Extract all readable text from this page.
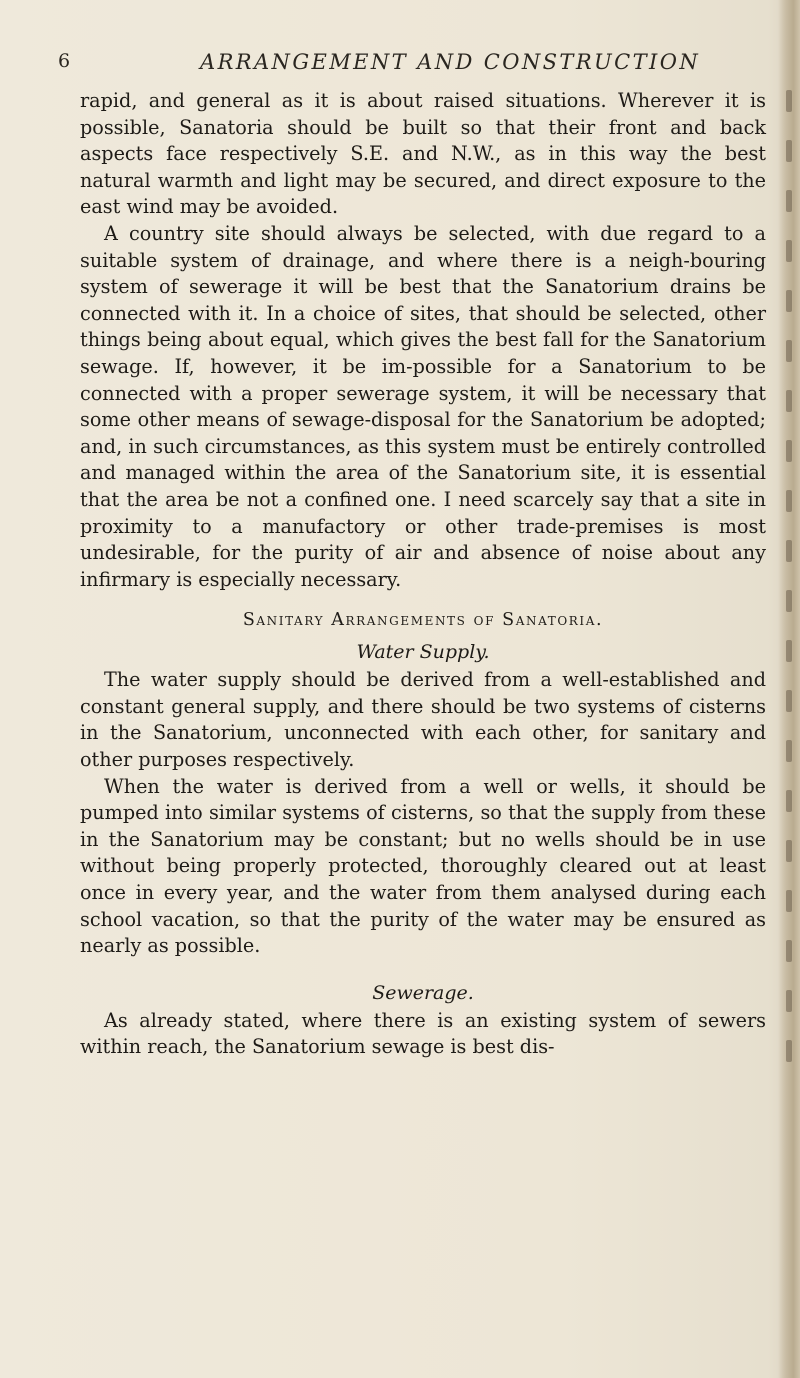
6	ARRANGEMENT AND CONSTRUCTION

rapid, and general as it is about raised situations. Wherever it is possible, Sanatoria should be built so that their front and back aspects face respectively S.E. and N.W., as in this way the best natural warmth and light may be secured, and direct exposure to the east wind may be avoided.

A country site should always be selected, with due regard to a suitable system of drainage, and where there is a neigh-bouring system of sewerage it will be best that the Sanatorium drains be connected with it. In a choice of sites, that should be selected, other things being about equal, which gives the best fall for the Sanatorium sewage. If, however, it be im-possible for a Sanatorium to be connected with a proper sewerage system, it will be necessary that some other means of sewage-disposal for the Sanatorium be adopted; and, in such circumstances, as this system must be entirely controlled and managed within the area of the Sanatorium site, it is essential that the area be not a confined one. I need scarcely say that a site in proximity to a manufactory or other trade-premises is most undesirable, for the purity of air and absence of noise about any infirmary is especially necessary.

Sanitary Arrangements of Sanatoria.
Water Supply.

The water supply should be derived from a well-established and constant general supply, and there should be two systems of cisterns in the Sanatorium, unconnected with each other, for sanitary and other purposes respectively.

When the water is derived from a well or wells, it should be pumped into similar systems of cisterns, so that the supply from these in the Sanatorium may be constant; but no wells should be in use without being properly protected, thoroughly cleared out at least once in every year, and the water from them analysed during each school vacation, so that the purity of the water may be ensured as nearly as possible.

Sewerage.

As already stated, where there is an existing system of sewers within reach, the Sanatorium sewage is best dis-
